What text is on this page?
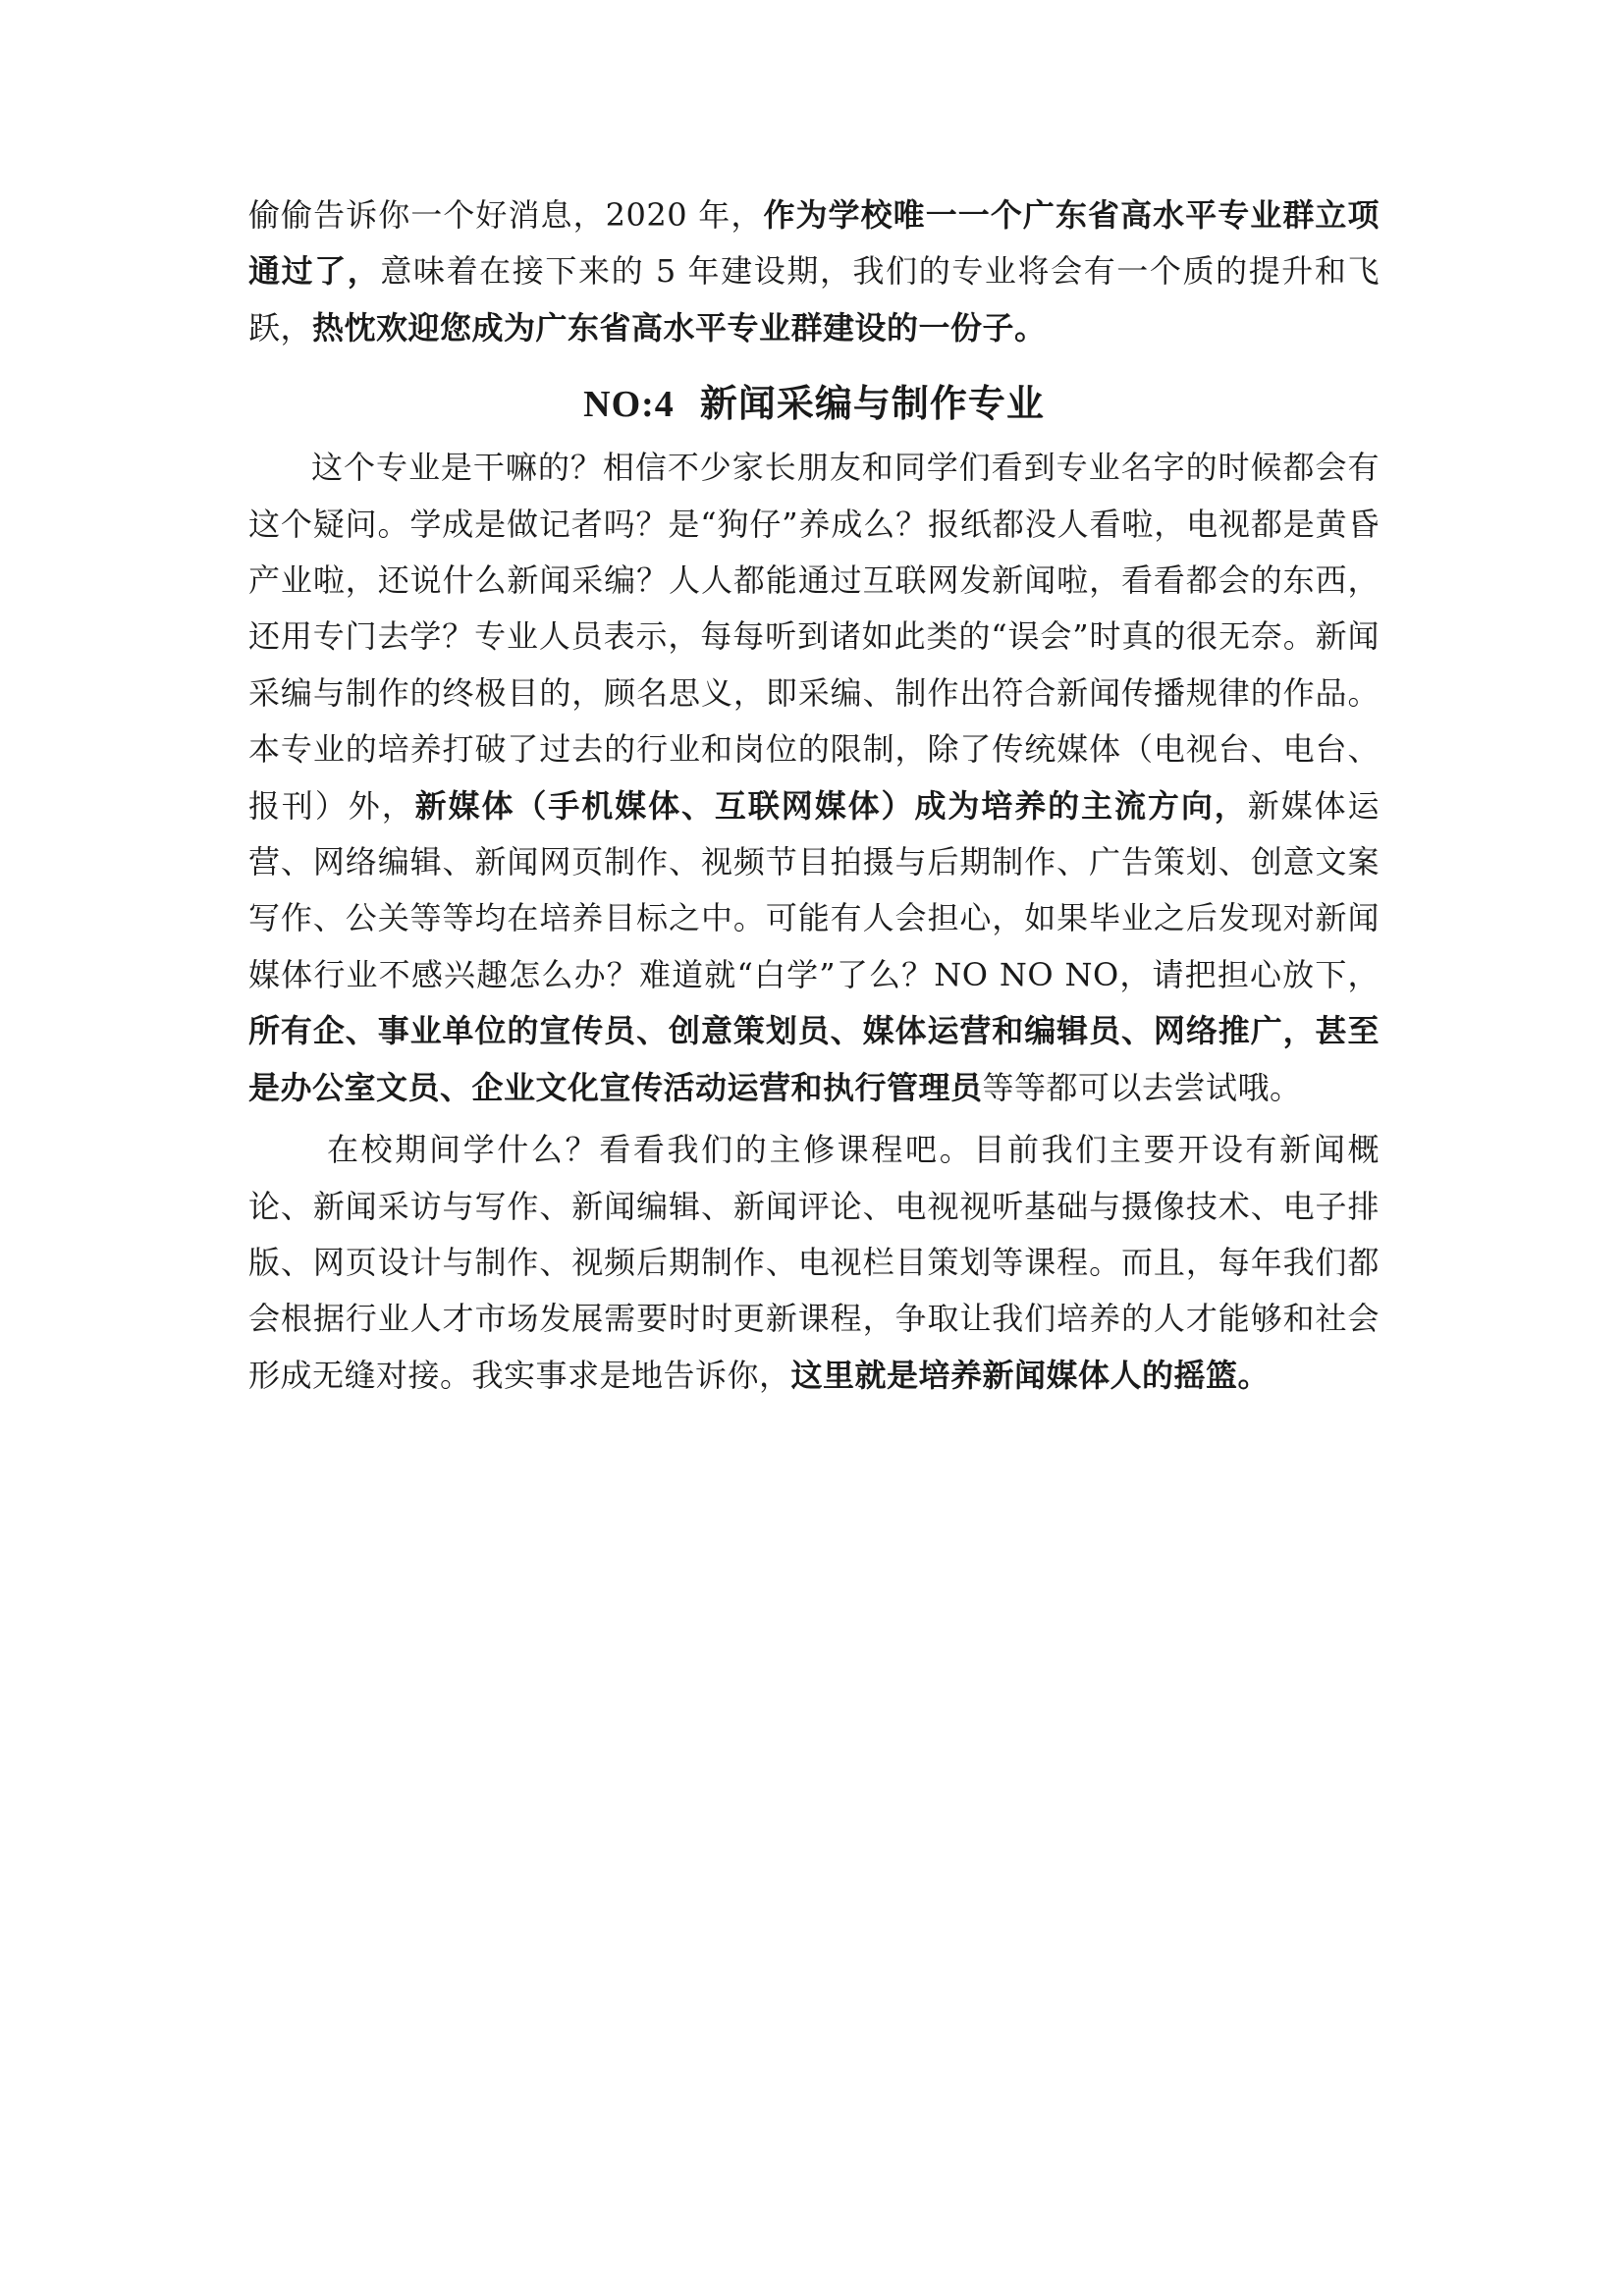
偷偷告诉你一个好消息，2020 年，作为学校唯一一个广东省高水平专业群立项通过了，意味着在接下来的 5 年建设期，我们的专业将会有一个质的提升和飞跃，热忱欢迎您成为广东省高水平专业群建设的一份子。

NO:4 新闻采编与制作专业

这个专业是干嘛的？相信不少家长朋友和同学们看到专业名字的时候都会有这个疑问。学成是做记者吗？是“狗仔”养成么？报纸都没人看啦，电视都是黄昏产业啦，还说什么新闻采编？人人都能通过互联网发新闻啦，看看都会的东西，还用专门去学？专业人员表示，每每听到诸如此类的“误会”时真的很无奈。新闻采编与制作的终极目的，顾名思义，即采编、制作出符合新闻传播规律的作品。本专业的培养打破了过去的行业和岗位的限制，除了传统媒体（电视台、电台、报刊）外，新媒体（手机媒体、互联网媒体）成为培养的主流方向，新媒体运营、网络编辑、新闻网页制作、视频节目拍摄与后期制作、广告策划、创意文案写作、公关等等均在培养目标之中。可能有人会担心，如果毕业之后发现对新闻媒体行业不感兴趣怎么办？难道就“白学”了么？NO NO NO，请把担心放下，所有企、事业单位的宣传员、创意策划员、媒体运营和编辑员、网络推广，甚至是办公室文员、企业文化宣传活动运营和执行管理员等等都可以去尝试哦。

在校期间学什么？看看我们的主修课程吧。目前我们主要开设有新闻概论、新闻采访与写作、新闻编辑、新闻评论、电视视听基础与摄像技术、电子排版、网页设计与制作、视频后期制作、电视栏目策划等课程。而且，每年我们都会根据行业人才市场发展需要时时更新课程，争取让我们培养的人才能够和社会形成无缝对接。我实事求是地告诉你，这里就是培养新闻媒体人的摇篮。
